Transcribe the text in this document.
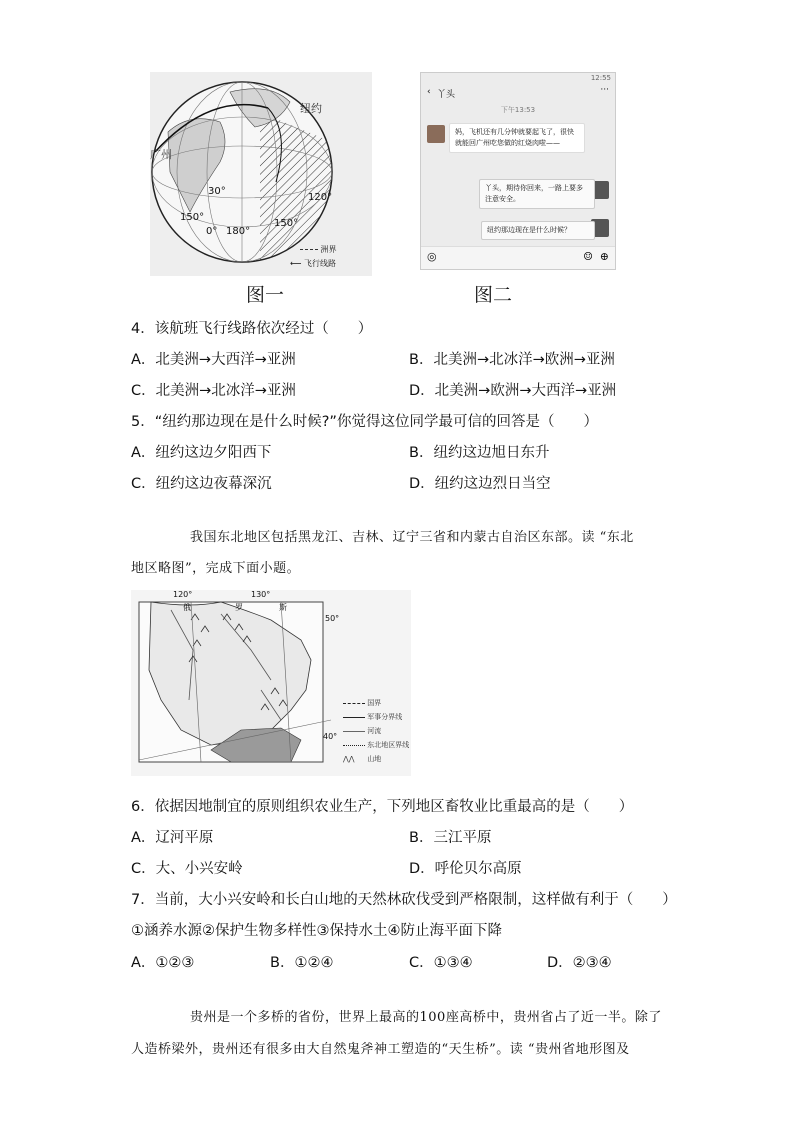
广州
纽约
30°
150°
0° 180°
150°
120°
洲界
⟵ 飞行线路
图一
12:55
‹ 丫头	···
下午13:53
妈，飞机还有几分钟就要起飞了，很快就能回广州吃您做的红烧肉啦——
丫头，期待你回来，一路上要多注意安全。
纽约那边现在是什么时候？
◎	☺ ⊕
图二
4．该航班飞行线路依次经过（　　）
A．北美洲→大西洋→亚洲	B．北美洲→北冰洋→欧洲→亚洲
C．北美洲→北冰洋→亚洲	D．北美洲→欧洲→大西洋→亚洲
5．“纽约那边现在是什么时候?”你觉得这位同学最可信的回答是（　　）
A．纽约这边夕阳西下	B．纽约这边旭日东升
C．纽约这边夜幕深沉	D．纽约这边烈日当空
我国东北地区包括黑龙江、吉林、辽宁三省和内蒙古自治区东部。读 “东北
地区略图”，完成下面小题。
120°	130°
50°
40°
俄	罗	斯
国界
军事分界线
河流
东北地区界线
⋀⋀ 山地
6．依据因地制宜的原则组织农业生产，下列地区畜牧业比重最高的是（　　）
A．辽河平原	B．三江平原
C．大、小兴安岭	D．呼伦贝尔高原
7．当前，大小兴安岭和长白山地的天然林砍伐受到严格限制，这样做有利于（　　）
①涵养水源②保护生物多样性③保持水土④防止海平面下降
A．①②③	B．①②④	C．①③④	D．②③④
贵州是一个多桥的省份，世界上最高的100座高桥中，贵州省占了近一半。除了
人造桥梁外，贵州还有很多由大自然鬼斧神工塑造的“天生桥”。读 “贵州省地形图及
